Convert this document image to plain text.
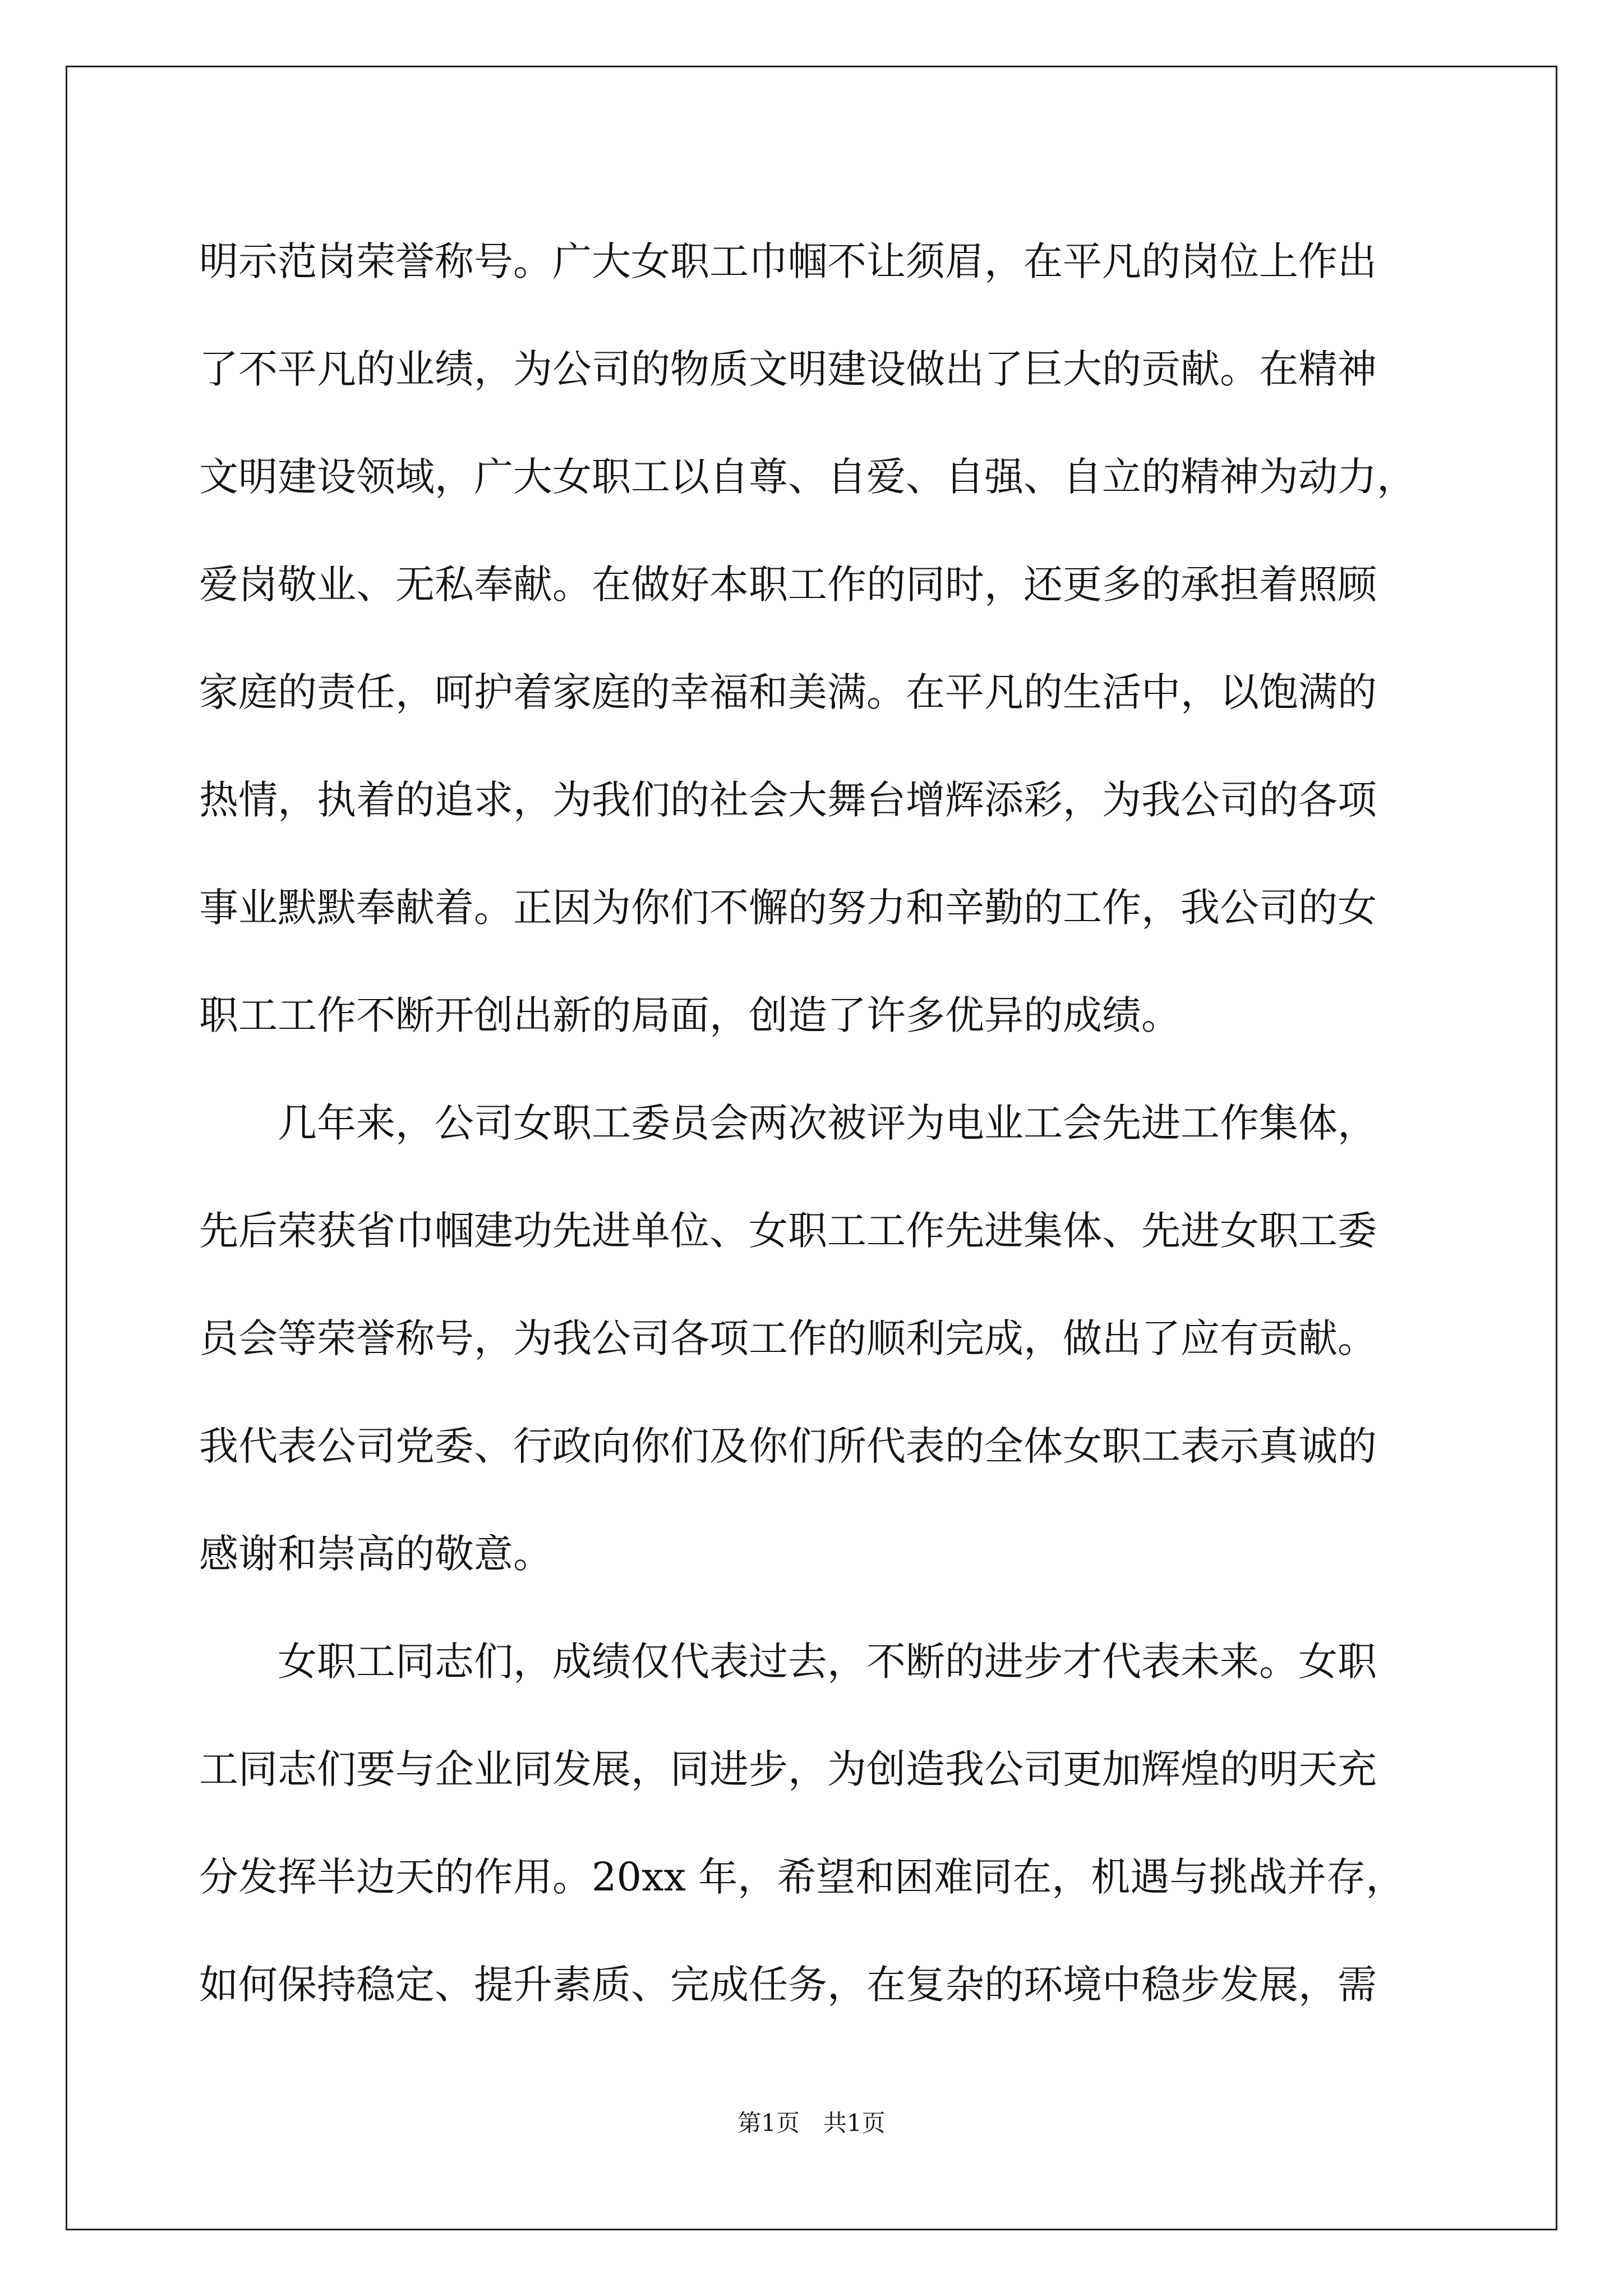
明示范岗荣誉称号。广大女职工巾帼不让须眉，在平凡的岗位上作出
了不平凡的业绩，为公司的物质文明建设做出了巨大的贡献。在精神
文明建设领域，广大女职工以自尊、自爱、自强、自立的精神为动力，
爱岗敬业、无私奉献。在做好本职工作的同时，还更多的承担着照顾
家庭的责任，呵护着家庭的幸福和美满。在平凡的生活中，以饱满的
热情，执着的追求，为我们的社会大舞台增辉添彩，为我公司的各项
事业默默奉献着。正因为你们不懈的努力和辛勤的工作，我公司的女
职工工作不断开创出新的局面，创造了许多优异的成绩。
几年来，公司女职工委员会两次被评为电业工会先进工作集体，
先后荣获省巾帼建功先进单位、女职工工作先进集体、先进女职工委
员会等荣誉称号，为我公司各项工作的顺利完成，做出了应有贡献。
我代表公司党委、行政向你们及你们所代表的全体女职工表示真诚的
感谢和崇高的敬意。
女职工同志们，成绩仅代表过去，不断的进步才代表未来。女职
工同志们要与企业同发展，同进步，为创造我公司更加辉煌的明天充
分发挥半边天的作用。20xx 年，希望和困难同在，机遇与挑战并存，
如何保持稳定、提升素质、完成任务，在复杂的环境中稳步发展，需
第1页　共1页
